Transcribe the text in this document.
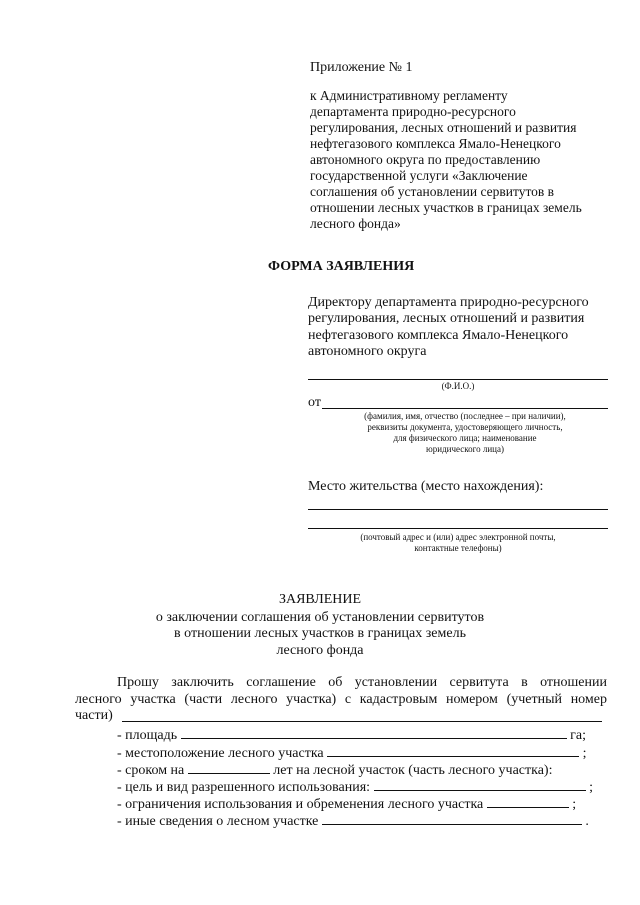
Приложение № 1
к Административному регламенту
департамента природно-ресурсного
регулирования, лесных отношений и развития
нефтегазового комплекса Ямало-Ненецкого
автономного округа по предоставлению
государственной услуги «Заключение
соглашения об установлении сервитутов в
отношении лесных участков в границах земель
лесного фонда»
ФОРМА ЗАЯВЛЕНИЯ
Директору департамента природно-ресурсного
регулирования, лесных отношений и развития
нефтегазового комплекса Ямало-Ненецкого
автономного округа
(Ф.И.О.)
от
(фамилия, имя, отчество (последнее – при наличии),
реквизиты документа, удостоверяющего личность,
для физического лица; наименование
юридического лица)
Место жительства (место нахождения):
(почтовый адрес и (или) адрес электронной почты,
контактные телефоны)
ЗАЯВЛЕНИЕ
о заключении соглашения об установлении сервитутов
в отношении лесных участков в границах земель
лесного фонда
Прошу заключить соглашение об установлении сервитута в отношении
лесного участка (части лесного участка) с кадастровым номером (учетный номер
части)
- площадь	га;
- местоположение лесного участка	;
- сроком на	лет на лесной участок (часть лесного участка):
- цель и вид разрешенного использования:	;
- ограничения использования и обременения лесного участка	;
- иные сведения о лесном участке	.
